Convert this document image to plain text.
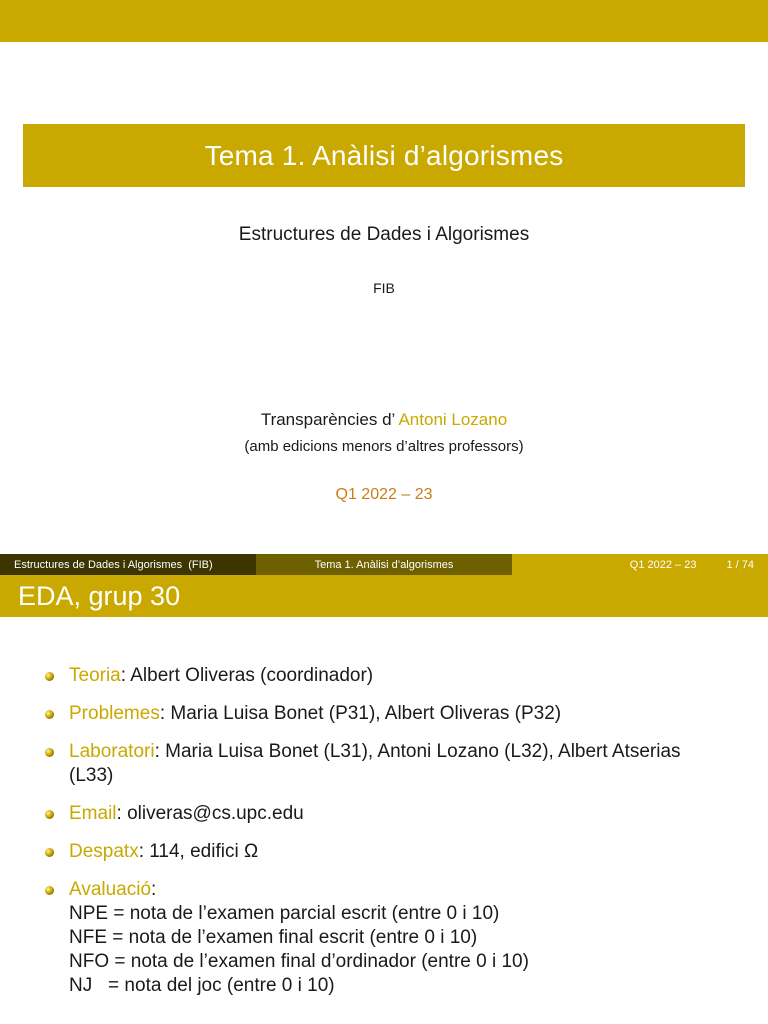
Tema 1. Anàlisi d’algorismes
Estructures de Dades i Algorismes
FIB
Transparències d’ Antoni Lozano
(amb edicions menors d’altres professors)
Q1 2022 – 23
Estructures de Dades i Algorismes  (FIB)	Tema 1. Anàlisi d’algorismes	Q1 2022 – 23	1 / 74
EDA, grup 30
Teoria: Albert Oliveras (coordinador)
Problemes: Maria Luisa Bonet (P31), Albert Oliveras (P32)
Laboratori: Maria Luisa Bonet (L31), Antoni Lozano (L32), Albert Atserias (L33)
Email: oliveras@cs.upc.edu
Despatx: 114, edifici Ω
Avaluació:
NPE = nota de l’examen parcial escrit (entre 0 i 10)
NFE = nota de l’examen final escrit (entre 0 i 10)
NFO = nota de l’examen final d’ordinador (entre 0 i 10)
NJ   = nota del joc (entre 0 i 10)
